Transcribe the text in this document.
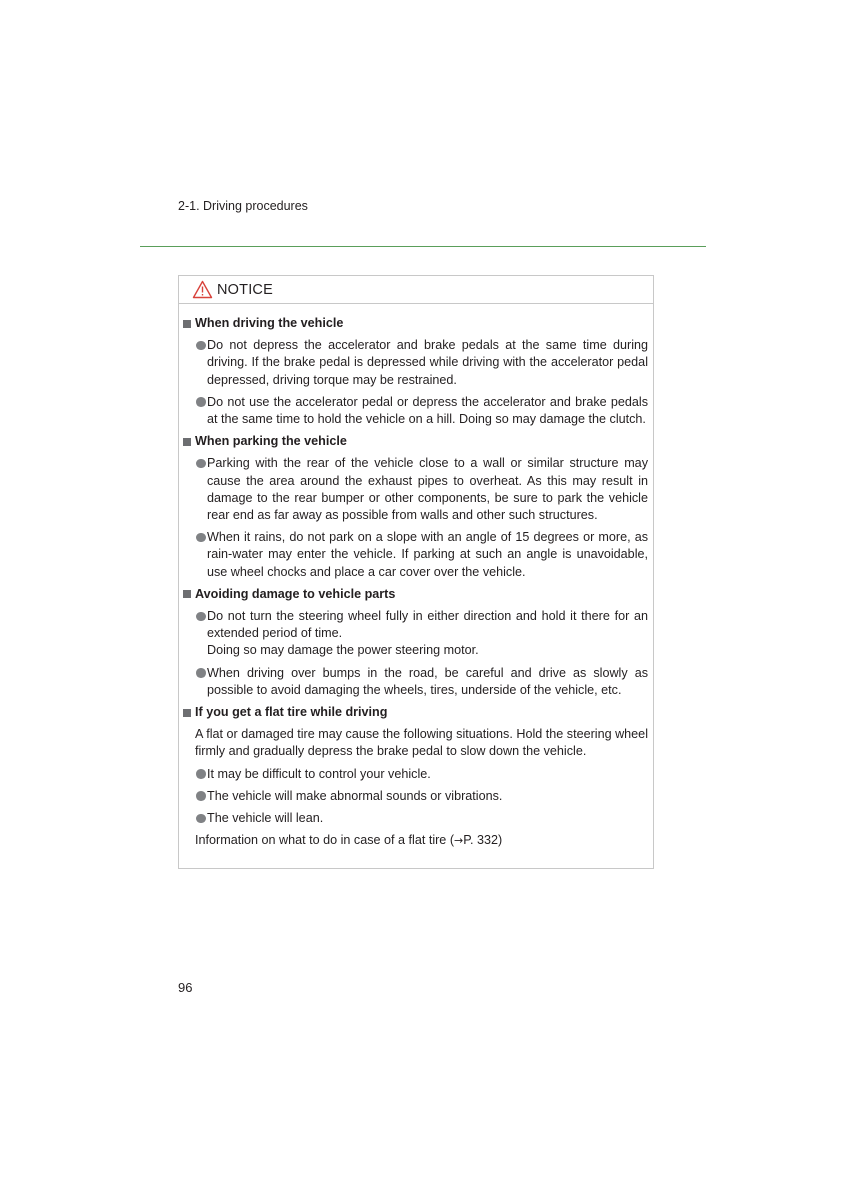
2-1. Driving procedures
NOTICE
When driving the vehicle
Do not depress the accelerator and brake pedals at the same time during driving. If the brake pedal is depressed while driving with the accelerator pedal depressed, driving torque may be restrained.
Do not use the accelerator pedal or depress the accelerator and brake pedals at the same time to hold the vehicle on a hill. Doing so may damage the clutch.
When parking the vehicle
Parking with the rear of the vehicle close to a wall or similar structure may cause the area around the exhaust pipes to overheat. As this may result in damage to the rear bumper or other components, be sure to park the vehicle rear end as far away as possible from walls and other such structures.
When it rains, do not park on a slope with an angle of 15 degrees or more, as rain-water may enter the vehicle. If parking at such an angle is unavoidable, use wheel chocks and place a car cover over the vehicle.
Avoiding damage to vehicle parts
Do not turn the steering wheel fully in either direction and hold it there for an extended period of time.
Doing so may damage the power steering motor.
When driving over bumps in the road, be careful and drive as slowly as possible to avoid damaging the wheels, tires, underside of the vehicle, etc.
If you get a flat tire while driving
A flat or damaged tire may cause the following situations. Hold the steering wheel firmly and gradually depress the brake pedal to slow down the vehicle.
It may be difficult to control your vehicle.
The vehicle will make abnormal sounds or vibrations.
The vehicle will lean.
Information on what to do in case of a flat tire (→P. 332)
96
